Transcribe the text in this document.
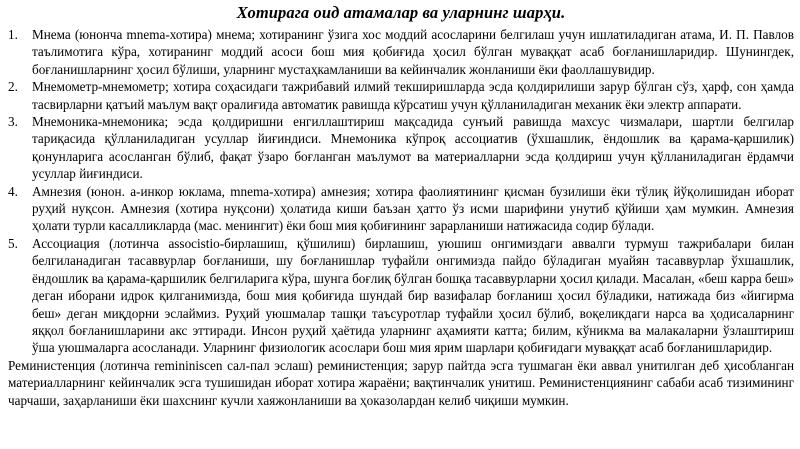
Хотирага оид атамалар ва уларнинг шарҳи.
1.	Мнема (юнонча mnema-хотира) мнема; хотиранинг ўзига хос моддий асосларини белгилаш учун ишлатиладиган атама, И. П. Павлов таълимотига кўра, хотиранинг моддий асоси бош мия қобиғида ҳосил бўлган муваққат асаб боғланишларидир. Шунингдек, боғланишларнинг ҳосил бўлиши, уларнинг мустаҳкамланиши ва кейинчалик жонланиши ёки фаоллашувидир.
2.	Мнемометр-мнемометр; хотира соҳасидаги тажрибавий илмий текширишларда эсда қолдирилиши зарур бўлган сўз, ҳарф, сон ҳамда тасвирларни қатъий маълум вақт оралиғида автоматик равишда кўрсатиш учун қўлланиладиган механик ёки электр аппарати.
3.	Мнемоника-мнемоника; эсда қолдиришни енгиллаштириш мақсадида сунъий равишда махсус чизмалари, шартли белгилар тариқасида қўлланиладиган усуллар йиғиндиси. Мнемоника кўпроқ ассоциатив (ўхшашлик, ёндошлик ва қарама-қаршилик) қонунларига асосланган бўлиб, фақат ўзаро боғланган маълумот ва материалларни эсда қолдириш учун қўлланиладиган ёрдамчи усуллар йиғиндиси.
4.	Амнезия (юнон. а-инкор юклама, mnema-хотира) амнезия; хотира фаолиятининг қисман бузилиши ёки тўлиқ йўқолишидан иборат руҳий нуқсон. Амнезия (хотира нуқсони) ҳолатида киши баъзан ҳатто ўз исми шарифини унутиб қўйиши ҳам мумкин. Амнезия ҳолати турли касалликларда (мас. менингит) ёки бош мия қобиғининг зарарланиши натижасида содир бўлади.
5.	Ассоциация (лотинча associstio-бирлашиш, қўшилиш) бирлашиш, уюшиш онгимиздаги аввалги турмуш тажрибалари билан белгиланадиган тасаввурлар боғланиши, шу боғланишлар туфайли онгимизда пайдо бўладиган муайян тасаввурлар ўхшашлик, ёндошлик ва қарама-қаршилик белгиларига кўра, шунга боғлиқ бўлган бошқа тасаввурларни ҳосил қилади. Масалан, «беш карра беш» деган иборани идрок қилганимизда, бош мия қобиғида шундай бир вазифалар боғланиш ҳосил бўладики, натижада биз «йигирма беш» деган миқдорни эслаймиз. Руҳий уюшмалар ташқи таъсуротлар туфайли ҳосил бўлиб, воқеликдаги нарса ва ҳодисаларнинг яққол боғланишларини акс эттиради. Инсон руҳий ҳаётида уларнинг аҳамияти катта; билим, кўникма ва малакаларни ўзлаштириш ўша уюшмаларга асосланади. Уларнинг физиологик асослари бош мия ярим шарлари қобиғидаги муваққат асаб боғланишларидир.

Реминистенция (лотинча remininiscen сал-пал эслаш) реминистенция; зарур пайтда эсга тушмаган ёки аввал унитилган деб ҳисобланган материалларнинг кейинчалик эсга тушишидан иборат хотира жараёни; вақтинчалик унитиш. Реминистенциянинг сабаби асаб тизимининг чарчаши, заҳарланиши ёки шахснинг кучли хаяжонланиши ва ҳоказолардан келиб чиқиши мумкин.
